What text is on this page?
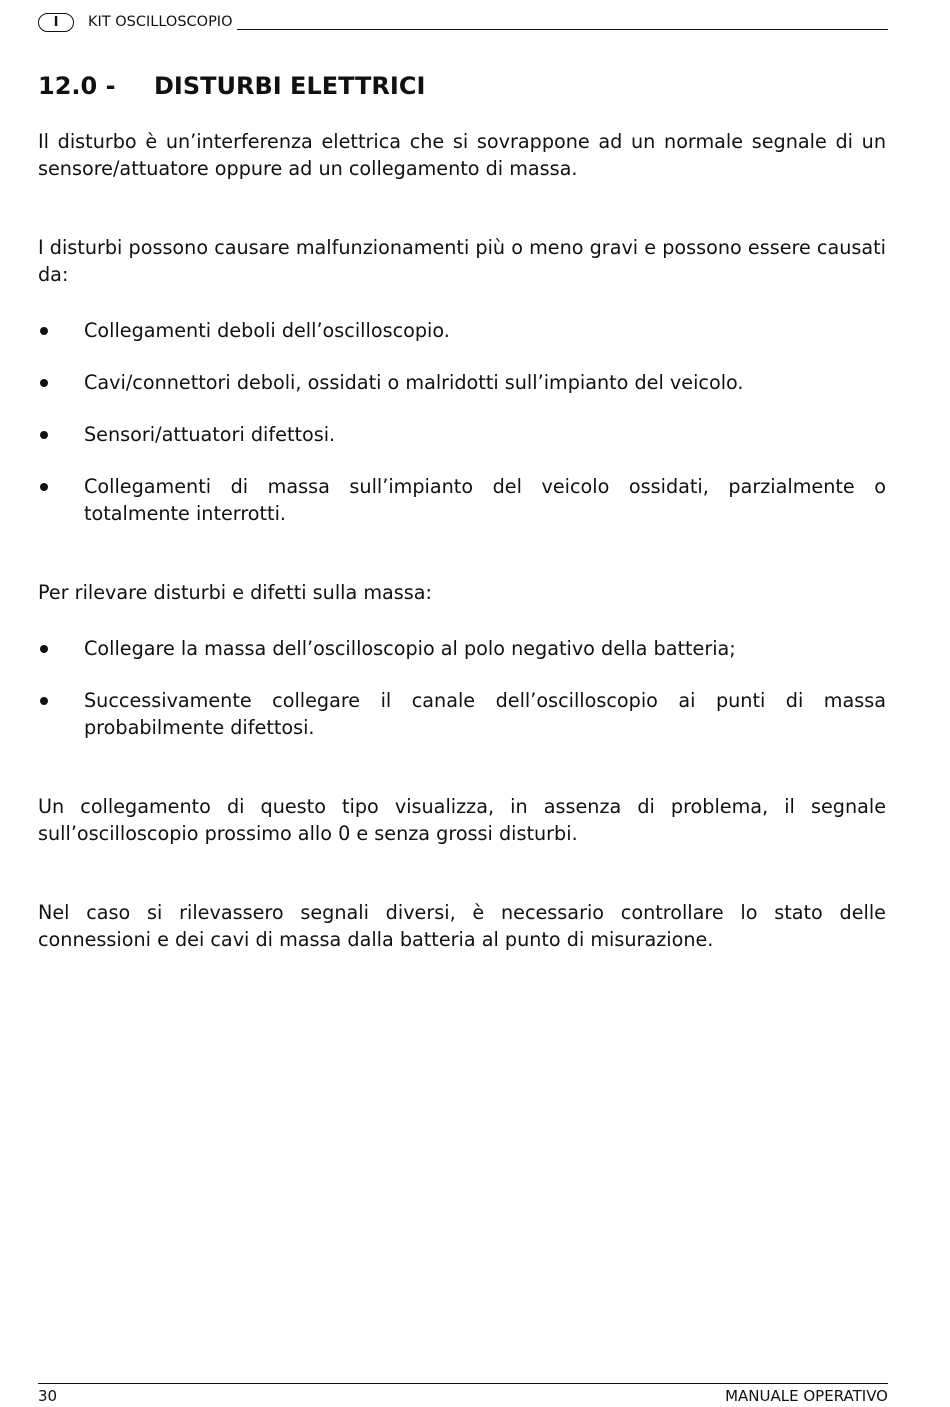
I	KIT OSCILLOSCOPIO
12.0 -	DISTURBI ELETTRICI

Il disturbo è un’interferenza elettrica che si sovrappone ad un normale segnale di un sensore/attuatore oppure ad un collegamento di massa.

I disturbi possono causare malfunzionamenti più o meno gravi e possono essere causati da:

Collegamenti deboli dell’oscilloscopio.
Cavi/connettori deboli, ossidati o malridotti sull’impianto del veicolo.
Sensori/attuatori difettosi.
Collegamenti di massa sull’impianto del veicolo ossidati, parzialmente o totalmente interrotti.

Per rilevare disturbi e difetti sulla massa:

Collegare la massa dell’oscilloscopio al polo negativo della batteria;
Successivamente collegare il canale dell’oscilloscopio ai punti di massa probabilmente difettosi.

Un collegamento di questo tipo visualizza, in assenza di problema, il segnale sull’oscilloscopio prossimo allo 0 e senza grossi disturbi.

Nel caso si rilevassero segnali diversi, è necessario controllare lo stato delle connessioni e dei cavi di massa dalla batteria al punto di misurazione.

30	MANUALE OPERATIVO
